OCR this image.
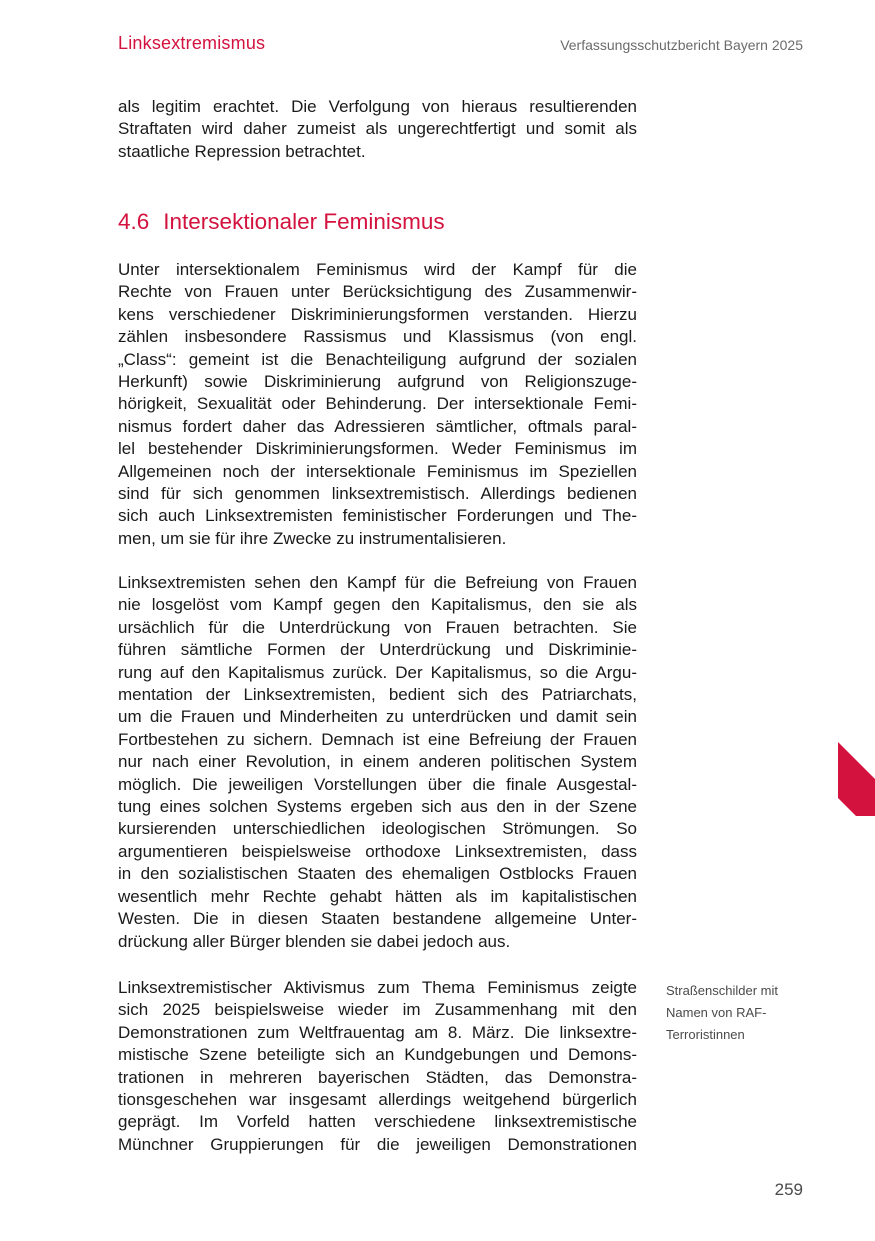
Linksextremismus	Verfassungsschutzbericht Bayern 2025
als legitim erachtet. Die Verfolgung von hieraus resultierenden
Straftaten wird daher zumeist als ungerechtfertigt und somit als
staatliche Repression betrachtet.
4.6 Intersektionaler Feminismus
Unter intersektionalem Feminismus wird der Kampf für die
Rechte von Frauen unter Berücksichtigung des Zusammenwir-
kens verschiedener Diskriminierungsformen verstanden. Hierzu
zählen insbesondere Rassismus und Klassismus (von engl.
„Class“: gemeint ist die Benachteiligung aufgrund der sozialen
Herkunft) sowie Diskriminierung aufgrund von Religionszuge-
hörigkeit, Sexualität oder Behinderung. Der intersektionale Femi-
nismus fordert daher das Adressieren sämtlicher, oftmals paral-
lel bestehender Diskriminierungsformen. Weder Feminismus im
Allgemeinen noch der intersektionale Feminismus im Speziellen
sind für sich genommen linksextremistisch. Allerdings bedienen
sich auch Linksextremisten feministischer Forderungen und The-
men, um sie für ihre Zwecke zu instrumentalisieren.
Linksextremisten sehen den Kampf für die Befreiung von Frauen
nie losgelöst vom Kampf gegen den Kapitalismus, den sie als
ursächlich für die Unterdrückung von Frauen betrachten. Sie
führen sämtliche Formen der Unterdrückung und Diskriminie-
rung auf den Kapitalismus zurück. Der Kapitalismus, so die Argu-
mentation der Linksextremisten, bedient sich des Patriarchats,
um die Frauen und Minderheiten zu unterdrücken und damit sein
Fortbestehen zu sichern. Demnach ist eine Befreiung der Frauen
nur nach einer Revolution, in einem anderen politischen System
möglich. Die jeweiligen Vorstellungen über die finale Ausgestal-
tung eines solchen Systems ergeben sich aus den in der Szene
kursierenden unterschiedlichen ideologischen Strömungen. So
argumentieren beispielsweise orthodoxe Linksextremisten, dass
in den sozialistischen Staaten des ehemaligen Ostblocks Frauen
wesentlich mehr Rechte gehabt hätten als im kapitalistischen
Westen. Die in diesen Staaten bestandene allgemeine Unter-
drückung aller Bürger blenden sie dabei jedoch aus.
Linksextremistischer Aktivismus zum Thema Feminismus zeigte
sich 2025 beispielsweise wieder im Zusammenhang mit den
Demonstrationen zum Weltfrauentag am 8. März. Die linksextre-
mistische Szene beteiligte sich an Kundgebungen und Demons-
trationen in mehreren bayerischen Städten, das Demonstra-
tionsgeschehen war insgesamt allerdings weitgehend bürgerlich
geprägt. Im Vorfeld hatten verschiedene linksextremistische
Münchner Gruppierungen für die jeweiligen Demonstrationen
Straßenschilder mit
Namen von RAF-
Terroristinnen
259
